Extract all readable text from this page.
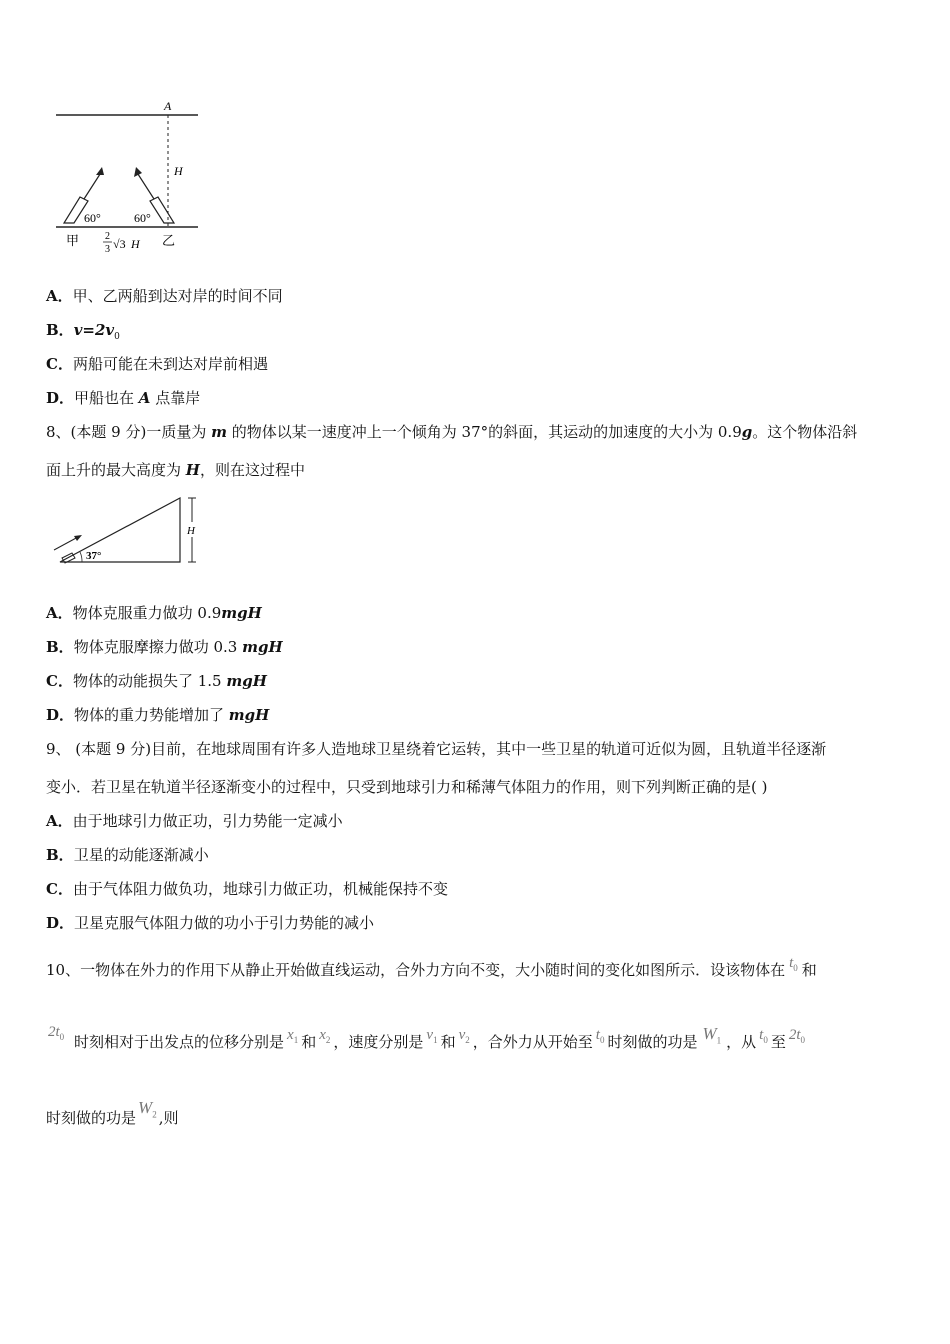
A
H
60°	60°
甲	2
3 √3 H 乙
A．甲、乙两船到达对岸的时间不同
B．$v=2v_0$
C．两船可能在未到达对岸前相遇
D．甲船也在 A 点靠岸
8、(本题 9 分)一质量为 m 的物体以某一速度冲上一个倾角为 37°的斜面，其运动的加速度的大小为 0.9g。这个物体沿斜
面上升的最大高度为 H，则在这过程中
37°
H
A．物体克服重力做功 0.9mgH
B．物体克服摩擦力做功 0.3 mgH
C．物体的动能损失了 1.5 mgH
D．物体的重力势能增加了 mgH
9、 (本题 9 分)目前，在地球周围有许多人造地球卫星绕着它运转，其中一些卫星的轨道可近似为圆，且轨道半径逐渐
变小．若卫星在轨道半径逐渐变小的过程中，只受到地球引力和稀薄气体阻力的作用，则下列判断正确的是( )
A．由于地球引力做正功，引力势能一定减小
B．卫星的动能逐渐减小
C．由于气体阻力做负功，地球引力做正功，机械能保持不变
D．卫星克服气体阻力做的功小于引力势能的减小
10、一物体在外力的作用下从静止开始做直线运动，合外力方向不变，大小随时间的变化如图所示．设该物体在 $t_0$ 和
$2t_0$ 时刻相对于出发点的位移分别是 $x_1$ 和 $x_2$ ，速度分别是 $v_1$ 和 $v_2$ ，合外力从开始至 $t_0$ 时刻做的功是 $W_1$ ，从 $t_0$ 至 $2t_0$
时刻做的功是$W_2$ ,则
